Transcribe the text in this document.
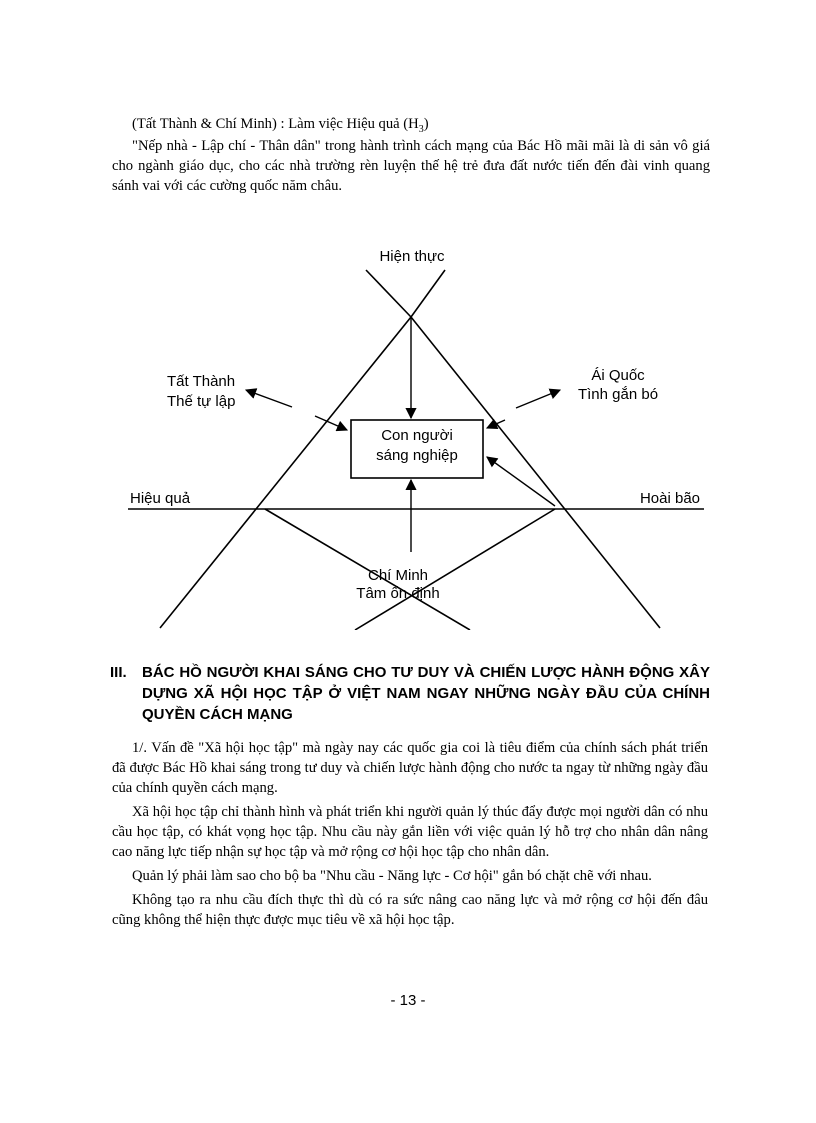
(Tất Thành & Chí Minh) : Làm việc Hiệu quả $(H_3)$
"Nếp nhà - Lập chí - Thân dân" trong hành trình cách mạng của Bác Hồ mãi mãi là di sản vô giá cho ngành giáo dục, cho các nhà trường rèn luyện thế hệ trẻ đưa đất nước tiến đến đài vinh quang sánh vai với các cường quốc năm châu.
Hiện thực
Con người
sáng nghiệp
Tất Thành
Thế tự lập
Ái Quốc
Tình gắn bó
Hiệu quả	Hoài bão
Chí Minh
Tâm ổn định
III. BÁC HỒ NGƯỜI KHAI SÁNG CHO TƯ DUY VÀ CHIẾN LƯỢC HÀNH ĐỘNG XÂY DỰNG XÃ HỘI HỌC TẬP Ở VIỆT NAM NGAY NHỮNG NGÀY ĐẦU CỦA CHÍNH QUYỀN CÁCH MẠNG
1/. Vấn đề "Xã hội học tập" mà ngày nay các quốc gia coi là tiêu điểm của chính sách phát triển đã được Bác Hồ khai sáng trong tư duy và chiến lược hành động cho nước ta ngay từ những ngày đầu của chính quyền cách mạng.
Xã hội học tập chỉ thành hình và phát triển khi người quản lý thúc đẩy được mọi người dân có nhu cầu học tập, có khát vọng học tập. Nhu cầu này gắn liền với việc quản lý hỗ trợ cho nhân dân nâng cao năng lực tiếp nhận sự học tập và mở rộng cơ hội học tập cho nhân dân.
Quản lý phải làm sao cho bộ ba "Nhu cầu - Năng lực - Cơ hội" gắn bó chặt chẽ với nhau.
Không tạo ra nhu cầu đích thực thì dù có ra sức nâng cao năng lực và mở rộng cơ hội đến đâu cũng không thể hiện thực được mục tiêu về xã hội học tập.
- 13 -
